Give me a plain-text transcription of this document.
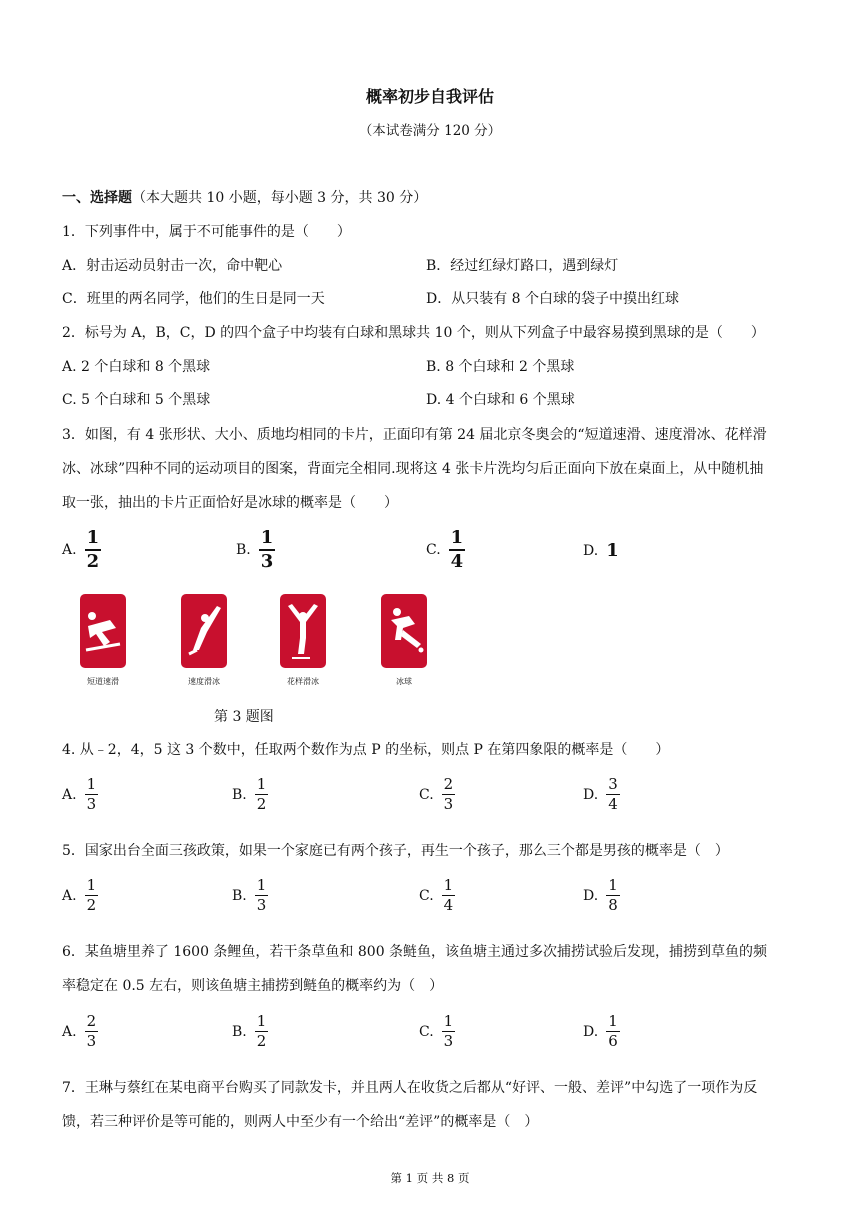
概率初步自我评估
（本试卷满分 120 分）
一、选择题（本大题共 10 小题，每小题 3 分，共 30 分）
1．下列事件中，属于不可能事件的是（　　）
A．射击运动员射击一次，命中靶心	B．经过红绿灯路口，遇到绿灯
C．班里的两名同学，他们的生日是同一天	D．从只装有 8 个白球的袋子中摸出红球
2．标号为 A，B，C，D 的四个盒子中均装有白球和黑球共 10 个，则从下列盒子中最容易摸到黑球的是（　　）
A. 2 个白球和 8 个黑球	B. 8 个白球和 2 个黑球
C. 5 个白球和 5 个黑球	D. 4 个白球和 6 个黑球
3．如图，有 4 张形状、大小、质地均相同的卡片，正面印有第 24 届北京冬奥会的“短道速滑、速度滑冰、花样滑
冰、冰球”四种不同的运动项目的图案，背面完全相同.现将这 4 张卡片洗均匀后正面向下放在桌面上，从中随机抽
取一张，抽出的卡片正面恰好是冰球的概率是（　　）
A. $\frac{1}{2}$	B. $\frac{1}{3}$	C. $\frac{1}{4}$	D. 1
短道速滑	速度滑冰	花样滑冰	冰球
第 3 题图
4. 从﹣2，4，5 这 3 个数中，任取两个数作为点 P 的坐标，则点 P 在第四象限的概率是（　　）
A. $\frac{1}{3}$	B. $\frac{1}{2}$	C. $\frac{2}{3}$	D. $\frac{3}{4}$
5．国家出台全面三孩政策，如果一个家庭已有两个孩子，再生一个孩子，那么三个都是男孩的概率是（　）
A. $\frac{1}{2}$	B. $\frac{1}{3}$	C. $\frac{1}{4}$	D. $\frac{1}{8}$
6．某鱼塘里养了 1600 条鲤鱼，若干条草鱼和 800 条鲢鱼，该鱼塘主通过多次捕捞试验后发现，捕捞到草鱼的频
率稳定在 0.5 左右，则该鱼塘主捕捞到鲢鱼的概率约为（　）
A. $\frac{2}{3}$	B. $\frac{1}{2}$	C. $\frac{1}{3}$	D. $\frac{1}{6}$
7．王琳与蔡红在某电商平台购买了同款发卡，并且两人在收货之后都从“好评、一般、差评”中勾选了一项作为反
馈，若三种评价是等可能的，则两人中至少有一个给出“差评”的概率是（　）
第 1 页 共 8 页
